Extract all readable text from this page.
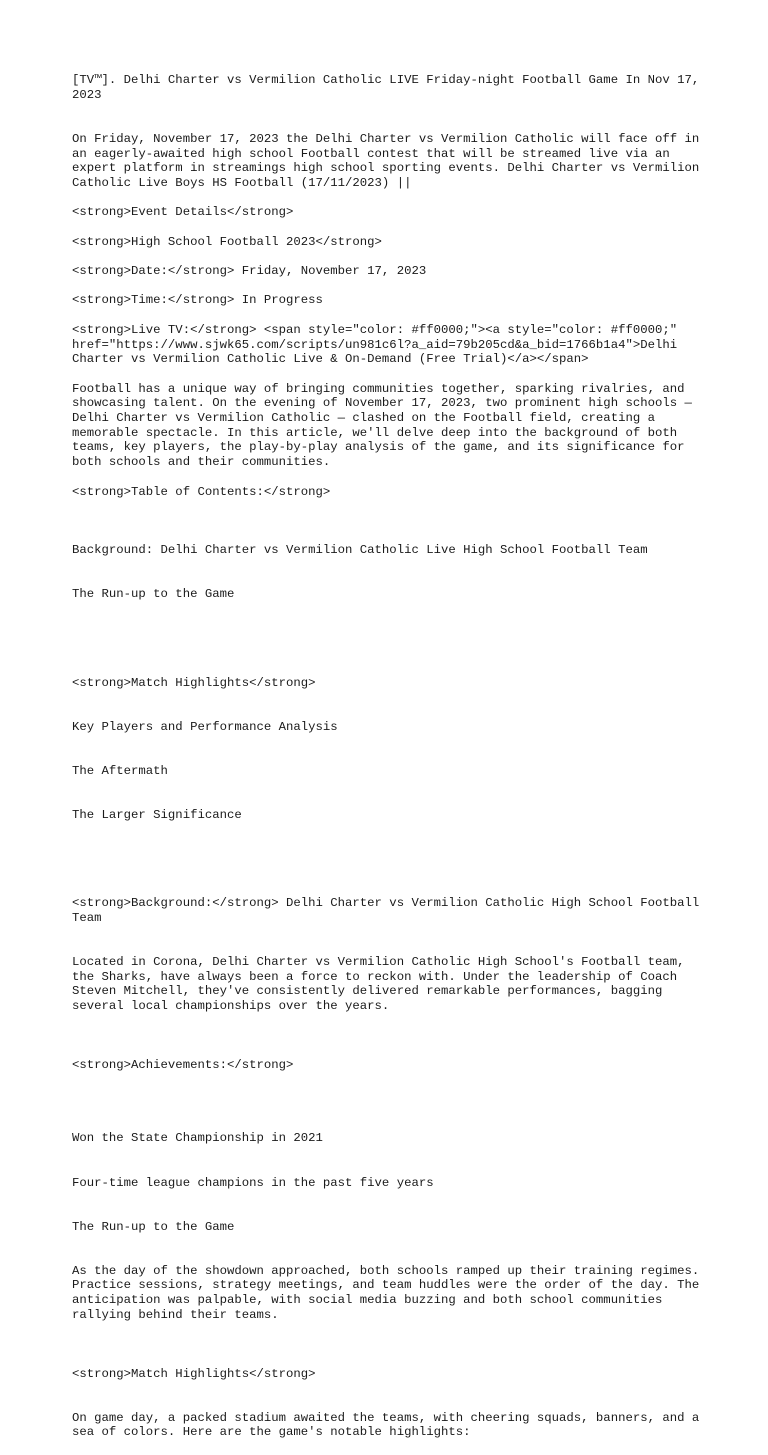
[TV™]. Delhi Charter vs Vermilion Catholic LIVE Friday-night Football Game In Nov 17, 2023
On Friday, November 17, 2023 the Delhi Charter vs Vermilion Catholic will face off in an eagerly-awaited high school Football contest that will be streamed live via an expert platform in streamings high school sporting events. Delhi Charter vs Vermilion Catholic Live Boys HS Football (17/11/2023) ||
<strong>Event Details</strong>
<strong>High School Football 2023</strong>
<strong>Date:</strong> Friday, November 17, 2023
<strong>Time:</strong> In Progress
<strong>Live TV:</strong> <span style="color: #ff0000;"><a style="color: #ff0000;" href="https://www.sjwk65.com/scripts/un981c6l?a_aid=79b205cd&a_bid=1766b1a4">Delhi Charter vs Vermilion Catholic Live & On-Demand (Free Trial)</a></span>
Football has a unique way of bringing communities together, sparking rivalries, and showcasing talent. On the evening of November 17, 2023, two prominent high schools — Delhi Charter vs Vermilion Catholic — clashed on the Football field, creating a memorable spectacle. In this article, we'll delve deep into the background of both teams, key players, the play-by-play analysis of the game, and its significance for both schools and their communities.
<strong>Table of Contents:</strong>

Background: Delhi Charter vs Vermilion Catholic Live High School Football Team

The Run-up to the Game

<strong>Match Highlights</strong>

Key Players and Performance Analysis

The Aftermath

The Larger Significance

<strong>Background:</strong> Delhi Charter vs Vermilion Catholic High School Football Team

Located in Corona, Delhi Charter vs Vermilion Catholic High School's Football team, the Sharks, have always been a force to reckon with. Under the leadership of Coach Steven Mitchell, they've consistently delivered remarkable performances, bagging several local championships over the years.

<strong>Achievements:</strong>

Won the State Championship in 2021

Four-time league champions in the past five years

The Run-up to the Game

As the day of the showdown approached, both schools ramped up their training regimes. Practice sessions, strategy meetings, and team huddles were the order of the day. The anticipation was palpable, with social media buzzing and both school communities rallying behind their teams.

<strong>Match Highlights</strong>
On game day, a packed stadium awaited the teams, with cheering squads, banners, and a sea of colors. Here are the game's notable highlights:
